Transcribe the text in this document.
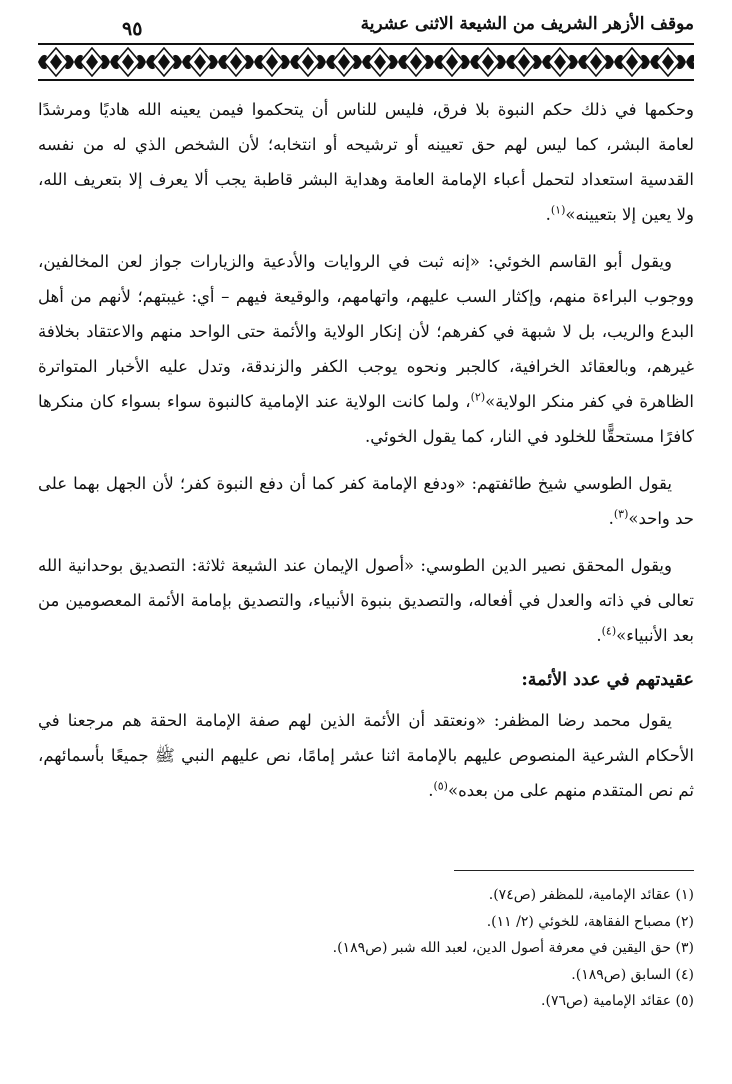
موقف الأزهر الشريف من الشيعة الاثنى عشرية
٩٥

وحكمها في ذلك حكم النبوة بلا فرق، فليس للناس أن يتحكموا فيمن يعينه الله هاديًا ومرشدًا لعامة البشر، كما ليس لهم حق تعيينه أو ترشيحه أو انتخابه؛ لأن الشخص الذي له من نفسه القدسية استعداد لتحمل أعباء الإمامة العامة وهداية البشر قاطبة يجب ألا يعرف إلا بتعريف الله، ولا يعين إلا بتعيينه»$^{(١)}$.

ويقول أبو القاسم الخوئي: «إنه ثبت في الروايات والأدعية والزيارات جواز لعن المخالفين، ووجوب البراءة منهم، وإكثار السب عليهم، واتهامهم، والوقيعة فيهم – أي: غيبتهم؛ لأنهم من أهل البدع والريب، بل لا شبهة في كفرهم؛ لأن إنكار الولاية والأئمة حتى الواحد منهم والاعتقاد بخلافة غيرهم، وبالعقائد الخرافية، كالجبر ونحوه يوجب الكفر والزندقة، وتدل عليه الأخبار المتواترة الظاهرة في كفر منكر الولاية»$^{(٢)}$، ولما كانت الولاية عند الإمامية كالنبوة سواء بسواء كان منكرها كافرًا مستحقًّا للخلود في النار، كما يقول الخوئي.

يقول الطوسي شيخ طائفتهم: «ودفع الإمامة كفر كما أن دفع النبوة كفر؛ لأن الجهل بهما على حد واحد»$^{(٣)}$.

ويقول المحقق نصير الدين الطوسي: «أصول الإيمان عند الشيعة ثلاثة: التصديق بوحدانية الله تعالى في ذاته والعدل في أفعاله، والتصديق بنبوة الأنبياء، والتصديق بإمامة الأئمة المعصومين من بعد الأنبياء»$^{(٤)}$.

عقيدتهم في عدد الأئمة:

يقول محمد رضا المظفر: «ونعتقد أن الأئمة الذين لهم صفة الإمامة الحقة هم مرجعنا في الأحكام الشرعية المنصوص عليهم بالإمامة اثنا عشر إمامًا، نص عليهم النبي ﷺ جميعًا بأسمائهم، ثم نص المتقدم منهم على من بعده»$^{(٥)}$.

(١) عقائد الإمامية، للمظفر (ص٧٤).
(٢) مصباح الفقاهة، للخوئي (٢/ ١١).
(٣) حق اليقين في معرفة أصول الدين، لعبد الله شبر (ص١٨٩).
(٤) السابق (ص١٨٩).
(٥) عقائد الإمامية (ص٧٦).
